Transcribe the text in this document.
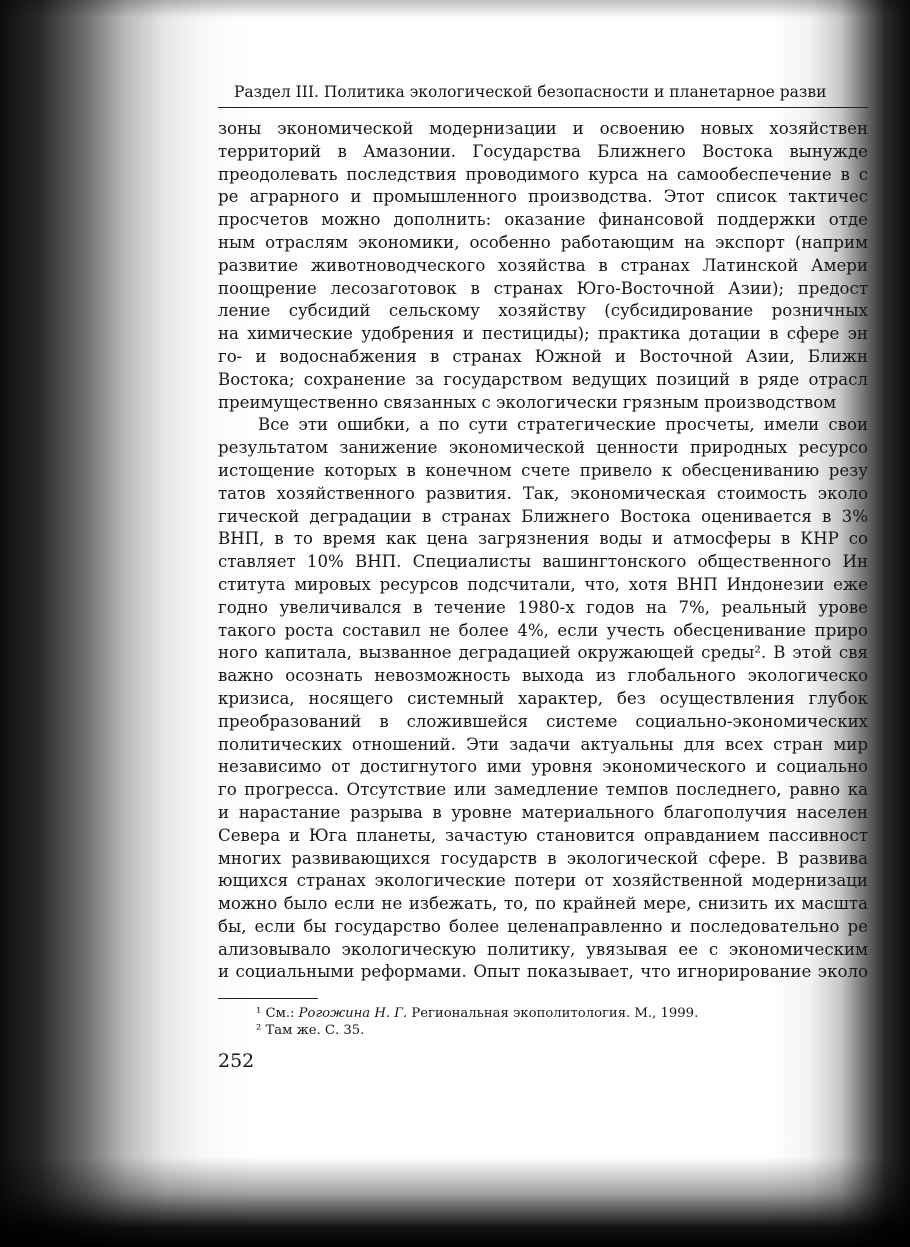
Раздел III. Политика экологической безопасности и планетарное разви
зоны экономической модернизации и освоению новых хозяйствен
территорий в Амазонии. Государства Ближнего Востока вынужде
преодолевать последствия проводимого курса на самообеспечение в с
ре аграрного и промышленного производства. Этот список тактичес
просчетов можно дополнить: оказание финансовой поддержки отде
ным отраслям экономики, особенно работающим на экспорт (наприм
развитие животноводческого хозяйства в странах Латинской Амери
поощрение лесозаготовок в странах Юго-Восточной Азии); предост
ление субсидий сельскому хозяйству (субсидирование розничных
на химические удобрения и пестициды); практика дотации в сфере эн
го- и водоснабжения в странах Южной и Восточной Азии, Ближн
Востока; сохранение за государством ведущих позиций в ряде отрасл
преимущественно связанных с экологически грязным производством
Все эти ошибки, а по сути стратегические просчеты, имели свои
результатом занижение экономической ценности природных ресурсо
истощение которых в конечном счете привело к обесцениванию резу
татов хозяйственного развития. Так, экономическая стоимость эколо
гической деградации в странах Ближнего Востока оценивается в 3%
ВНП, в то время как цена загрязнения воды и атмосферы в КНР со
ставляет 10% ВНП. Специалисты вашингтонского общественного Ин
ститута мировых ресурсов подсчитали, что, хотя ВНП Индонезии еже
годно увеличивался в течение 1980-х годов на 7%, реальный урове
такого роста составил не более 4%, если учесть обесценивание приро
ного капитала, вызванное деградацией окружающей среды². В этой свя
важно осознать невозможность выхода из глобального экологическо
кризиса, носящего системный характер, без осуществления глубок
преобразований в сложившейся системе социально-экономических
политических отношений. Эти задачи актуальны для всех стран мир
независимо от достигнутого ими уровня экономического и социально
го прогресса. Отсутствие или замедление темпов последнего, равно ка
и нарастание разрыва в уровне материального благополучия населен
Севера и Юга планеты, зачастую становится оправданием пассивност
многих развивающихся государств в экологической сфере. В развива
ющихся странах экологические потери от хозяйственной модернизаци
можно было если не избежать, то, по крайней мере, снизить их масшта
бы, если бы государство более целенаправленно и последовательно ре
ализовывало экологическую политику, увязывая ее с экономическим
и социальными реформами. Опыт показывает, что игнорирование эколо
¹ См.: Рогожина Н. Г. Региональная экополитология. М., 1999.
² Там же. С. 35.
252
